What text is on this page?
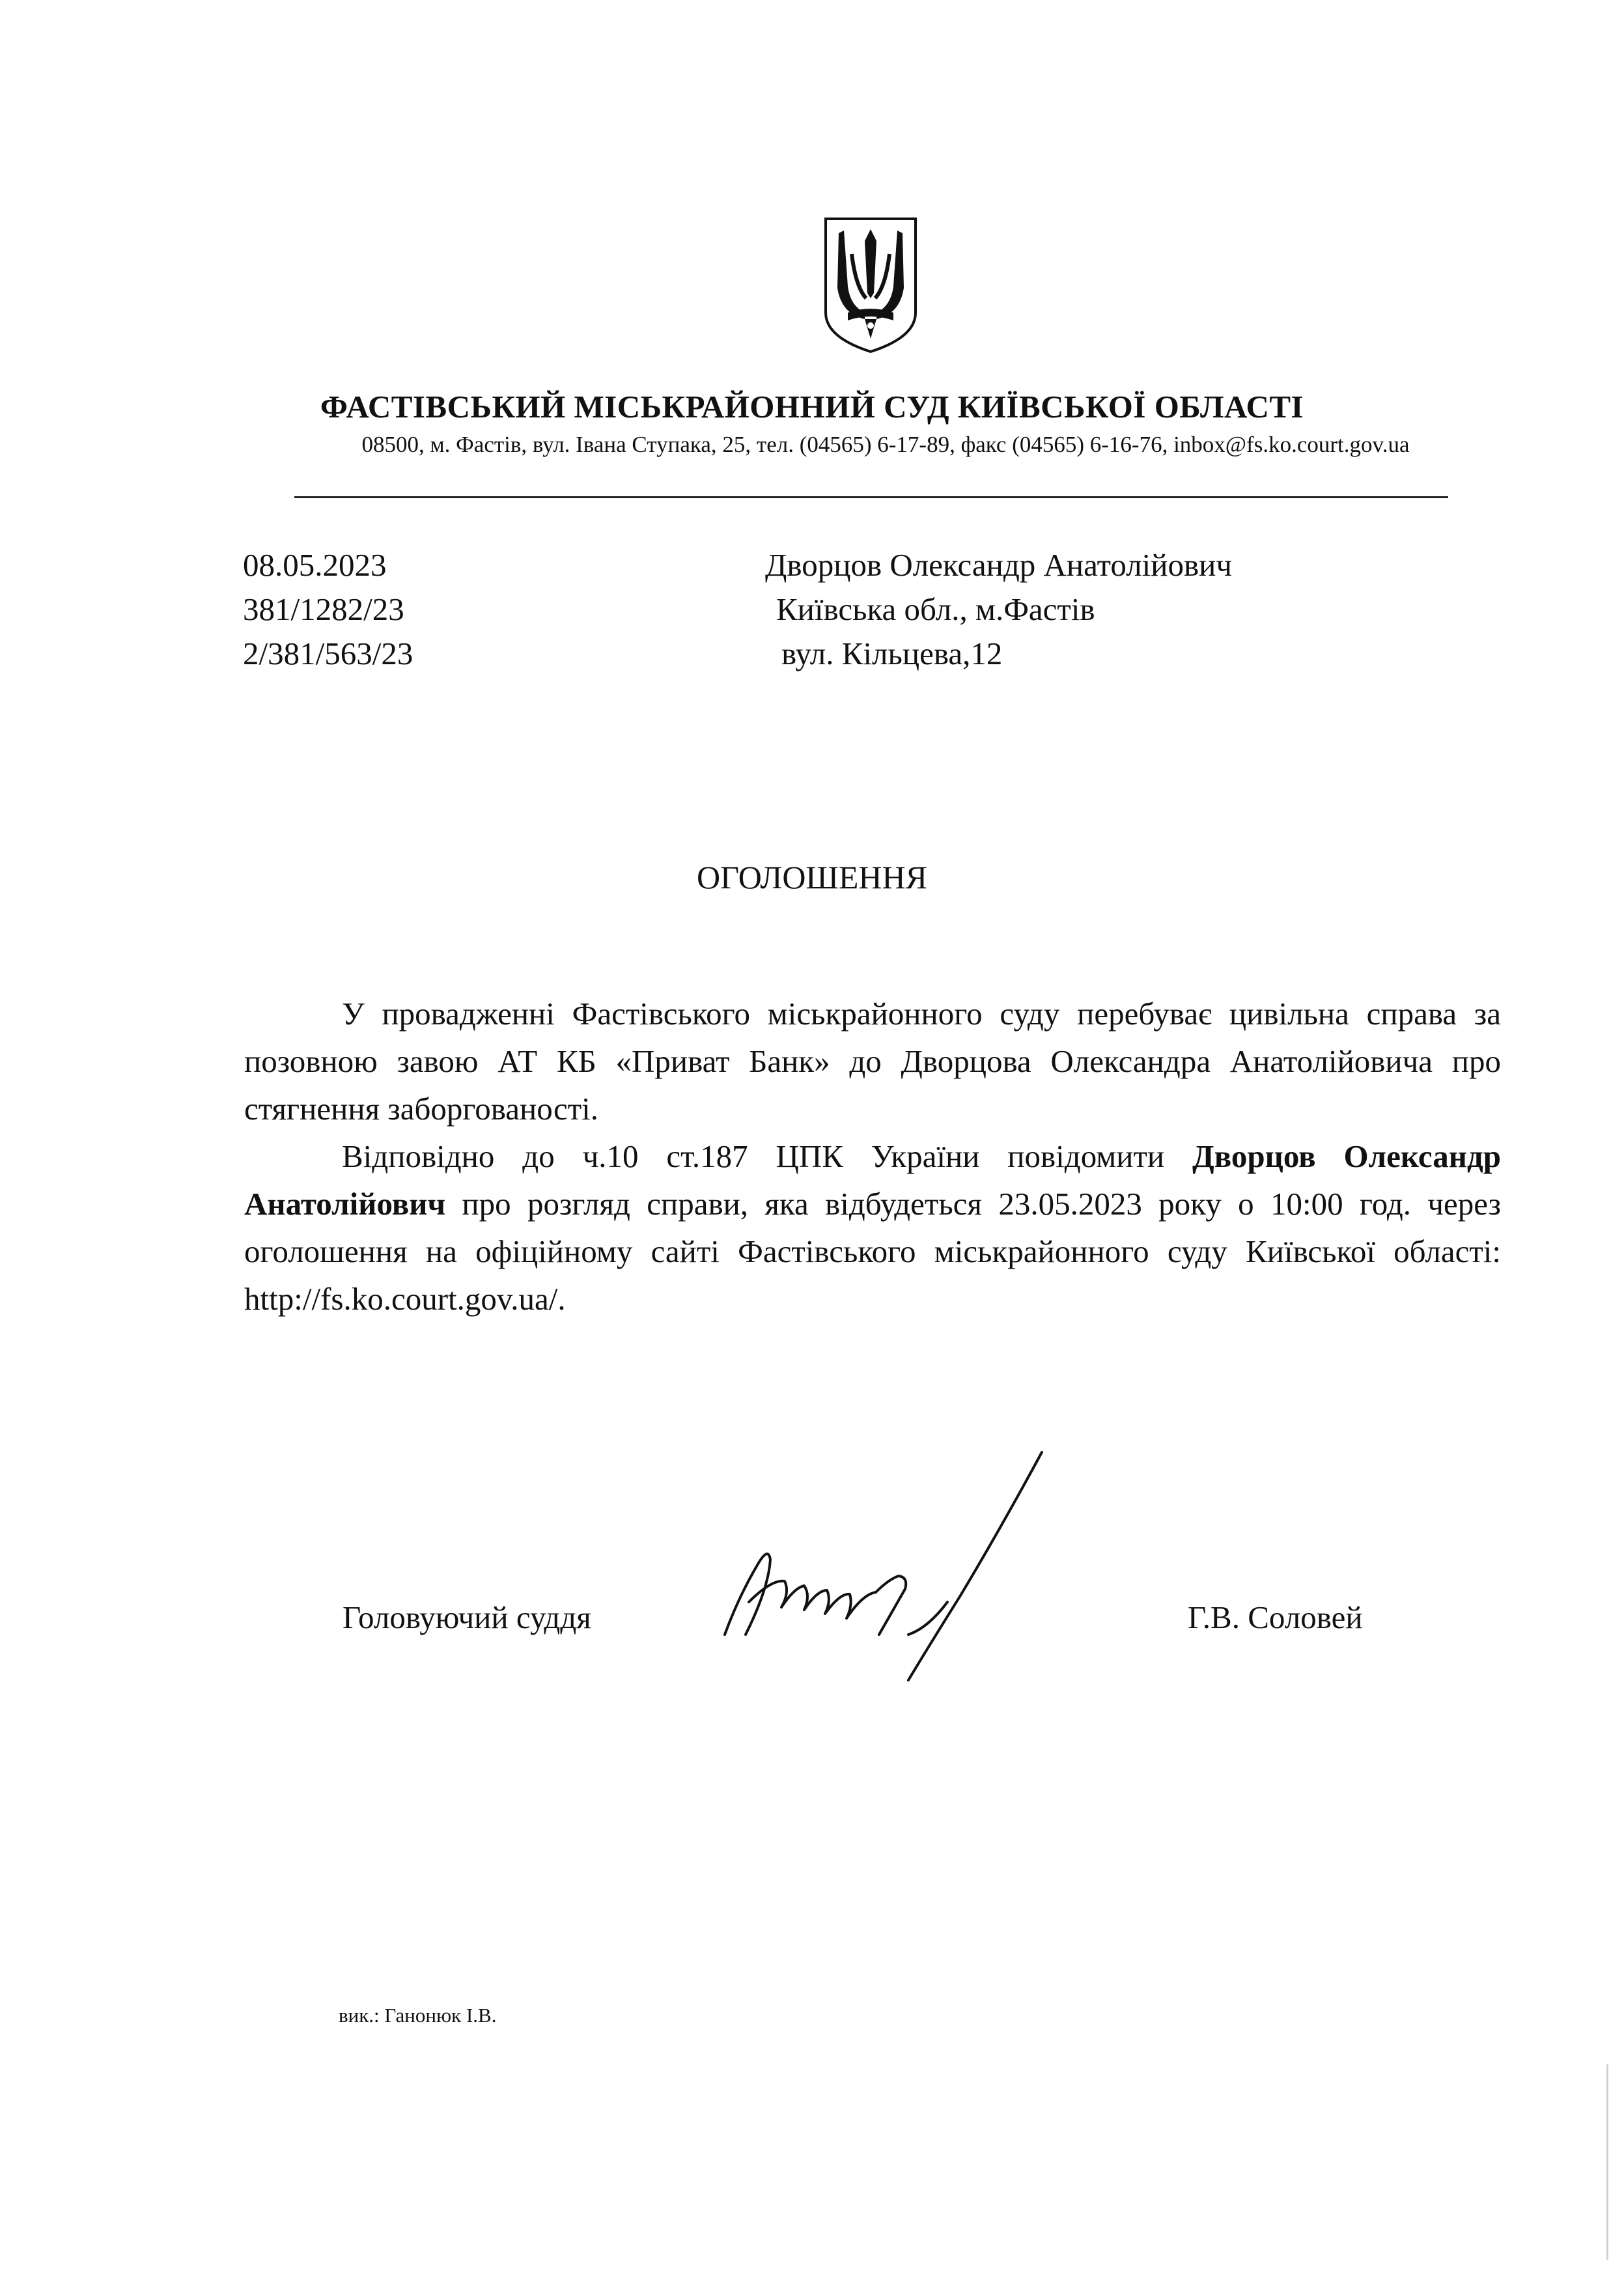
ФАСТІВСЬКИЙ МІСЬКРАЙОННИЙ СУД КИЇВСЬКОЇ ОБЛАСТІ
08500, м. Фастів, вул. Івана Ступака, 25, тел. (04565) 6-17-89, факс (04565) 6-16-76, inbox@fs.ko.court.gov.ua
08.05.2023
381/1282/23
2/381/563/23
Дворцов Олександр Анатолійович
Київська обл., м.Фастів
вул. Кільцева,12
ОГОЛОШЕННЯ

У провадженні Фастівського міськрайонного суду перебуває цивільна справа за позовною завою АТ КБ «Приват Банк» до Дворцова Олександра Анатолійовича про стягнення заборгованості.

Відповідно до ч.10 ст.187 ЦПК України повідомити Дворцов Олександр Анатолійович про розгляд справи, яка відбудеться 23.05.2023 року о 10:00 год. через оголошення на офіційному сайті Фастівського міськрайонного суду Київської області: http://fs.ko.court.gov.ua/.

Головуючий суддя	Г.В. Соловей
вик.: Ганонюк І.В.
